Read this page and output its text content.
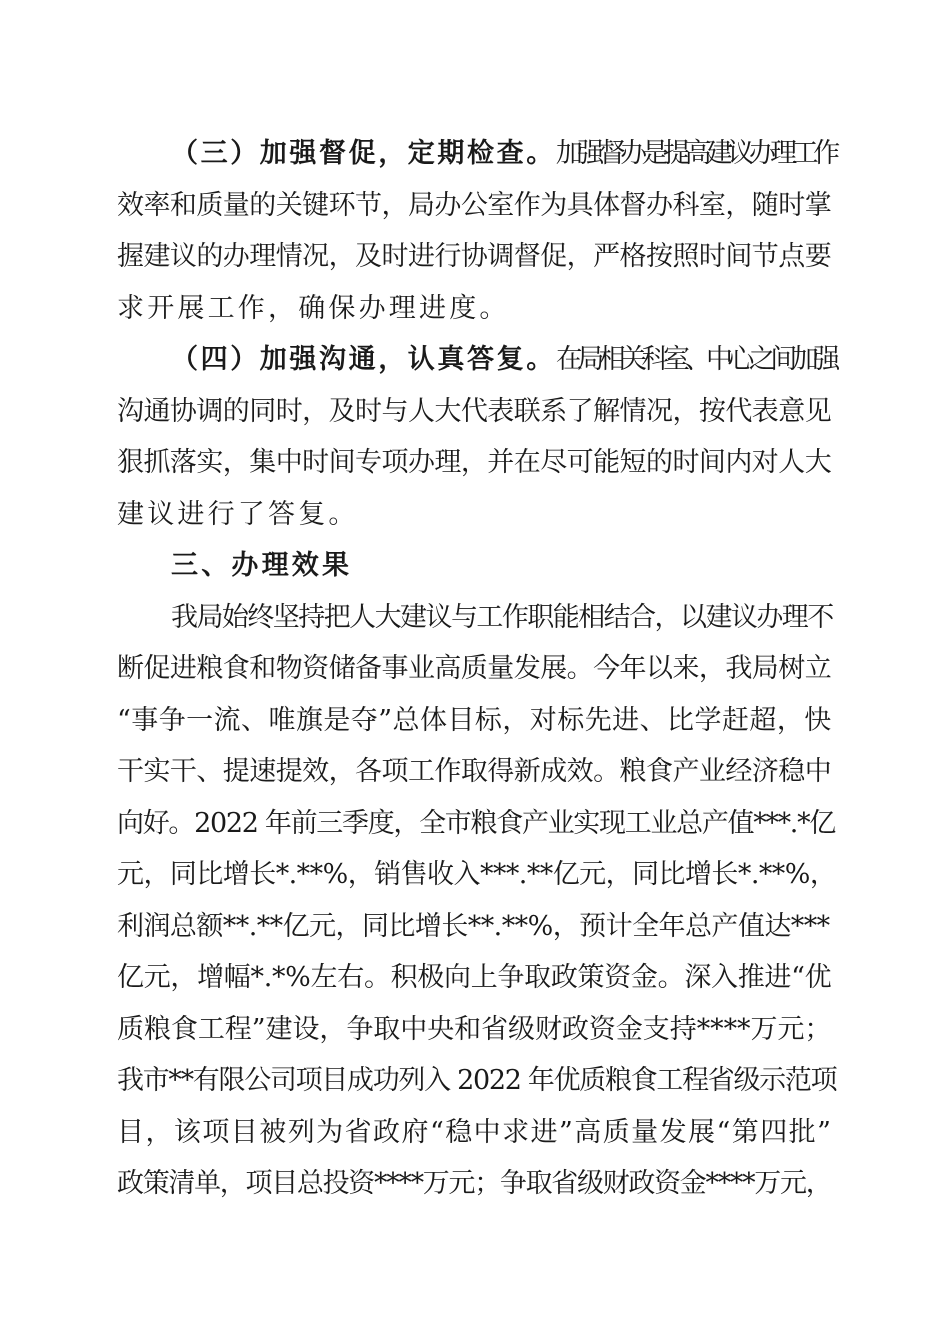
（三）加强督促，定期检查。加强督办是提高建议办理工作
效率和质量的关键环节，局办公室作为具体督办科室，随时掌
握建议的办理情况，及时进行协调督促，严格按照时间节点要
求开展工作，确保办理进度。
（四）加强沟通，认真答复。在局相关科室、中心之间加强
沟通协调的同时，及时与人大代表联系了解情况，按代表意见
狠抓落实，集中时间专项办理，并在尽可能短的时间内对人大
建议进行了答复。
三、办理效果
我局始终坚持把人大建议与工作职能相结合，以建议办理不
断促进粮食和物资储备事业高质量发展。今年以来，我局树立
“事争一流、唯旗是夺”总体目标，对标先进、比学赶超，快
干实干、提速提效，各项工作取得新成效。粮食产业经济稳中
向好。2022 年前三季度，全市粮食产业实现工业总产值***.*亿
元，同比增长*.**%，销售收入***.**亿元，同比增长*.**%，
利润总额**.**亿元，同比增长**.**%，预计全年总产值达***
亿元，增幅*.*%左右。积极向上争取政策资金。深入推进“优
质粮食工程”建设，争取中央和省级财政资金支持****万元；
我市**有限公司项目成功列入 2022 年优质粮食工程省级示范项
目，该项目被列为省政府“稳中求进”高质量发展“第四批”
政策清单，项目总投资****万元；争取省级财政资金****万元，
